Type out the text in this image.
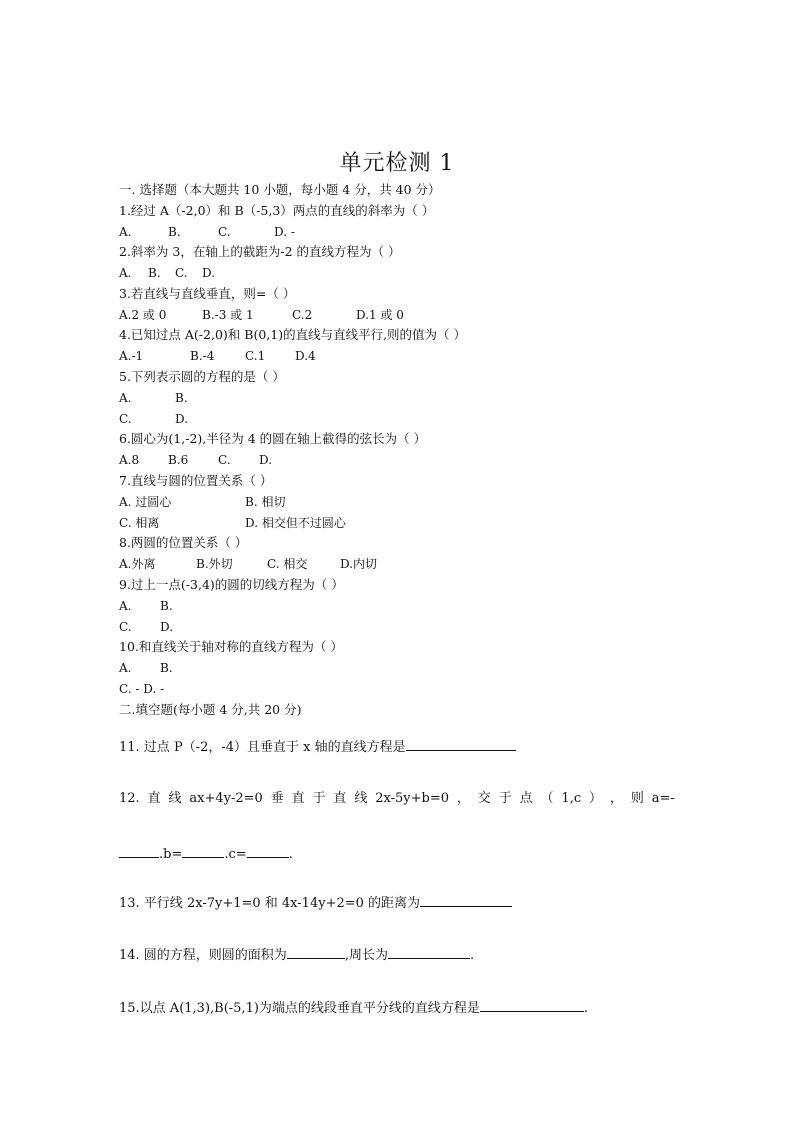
单元检测 1
一. 选择题（本大题共 10 小题，每小题 4 分，共 40 分）
1.经过 A（-2,0）和 B（-5,3）两点的直线的斜率为（ ）
A.	B.	C.	D. -
2.斜率为 3，在轴上的截距为-2 的直线方程为（ ）
A. B. C. D.
3.若直线与直线垂直，则=（ ）
A.2 或 0	B.-3 或 1	C.2	D.1 或 0
4.已知过点 A(-2,0)和 B(0,1)的直线与直线平行,则的值为（ ）
A.-1	B.-4	C.1 D.4
5.下列表示圆的方程的是（ ）
A.	B.
C.	D.
6.圆心为(1,-2),半径为 4 的圆在轴上截得的弦长为（ ）
A.8 B.6 C. D.
7.直线与圆的位置关系（ ）
A. 过圆心	B. 相切
C. 相离	D. 相交但不过圆心
8.两圆的位置关系（ ）
A.外离	B.外切	C. 相交	D.内切
9.过上一点(-3,4)的圆的切线方程为（ ）
A. B.
C. D.
10.和直线关于轴对称的直线方程为（ ）
A. B.
C. - D. -
二.填空题(每小题 4 分,共 20 分)
11. 过点 P（-2，-4）且垂直于 x 轴的直线方程是
12. 直 线 ax+4y-2=0 垂 直 于 直 线 2x-5y+b=0 ， 交 于 点 （ 1,c ） ， 则 a=-
.b=	.c=	.
13. 平行线 2x-7y+1=0 和 4x-14y+2=0 的距离为
14. 圆的方程，则圆的面积为	,周长为	.
15.以点 A(1,3),B(-5,1)为端点的线段垂直平分线的直线方程是	.
